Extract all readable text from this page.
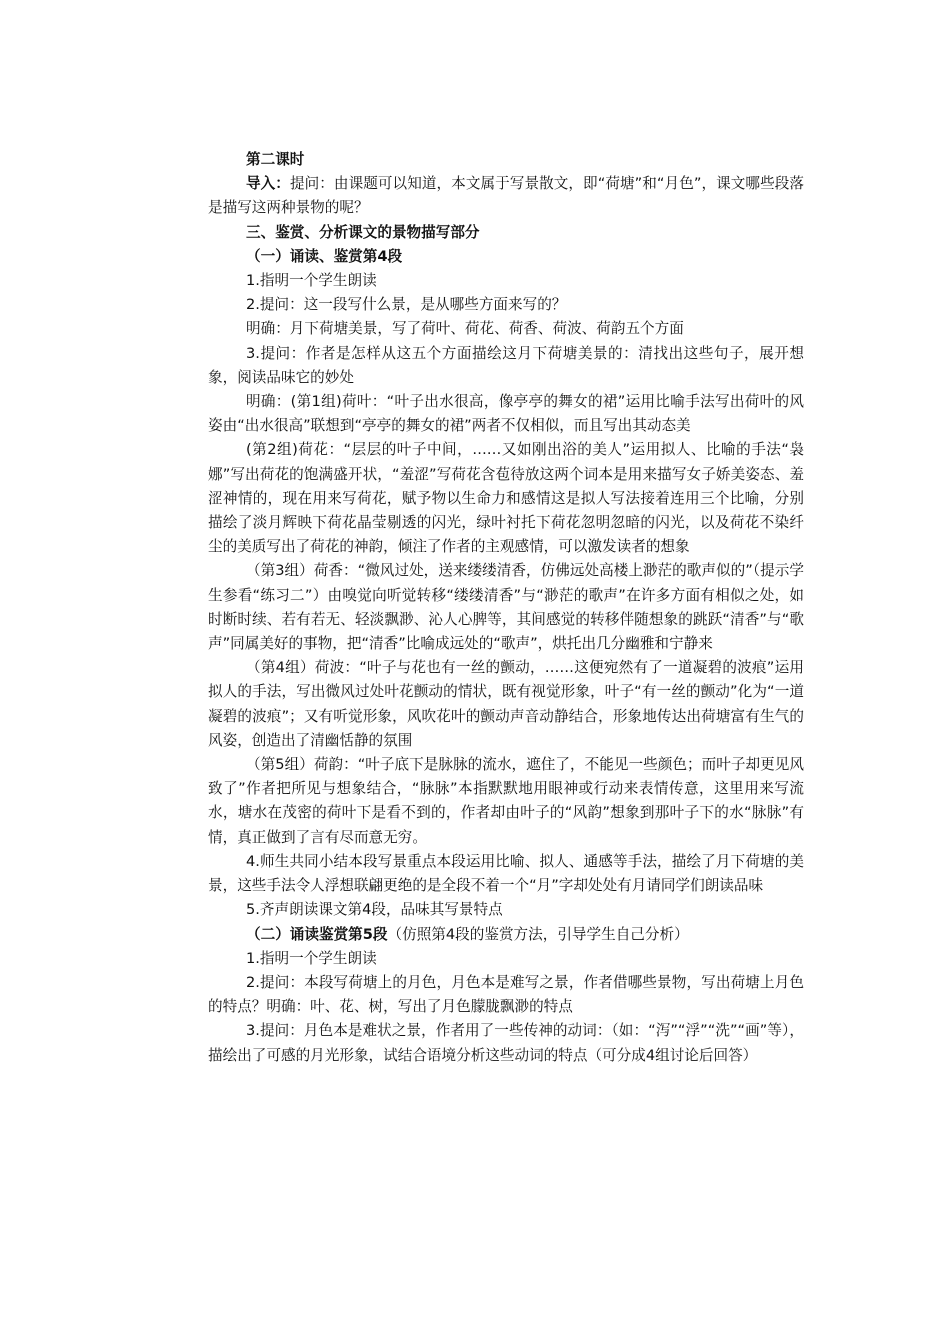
第二课时

导入：提问：由课题可以知道，本文属于写景散文，即“荷塘”和“月色”，课文哪些段落是描写这两种景物的呢？

三、鉴赏、分析课文的景物描写部分

（一）诵读、鉴赏第4段

1.指明一个学生朗读

2.提问：这一段写什么景，是从哪些方面来写的？

明确：月下荷塘美景，写了荷叶、荷花、荷香、荷波、荷韵五个方面

3.提问：作者是怎样从这五个方面描绘这月下荷塘美景的：清找出这些句子，展开想象，阅读品味它的妙处

明确：(第1组)荷叶：“叶子出水很高，像亭亭的舞女的裙”运用比喻手法写出荷叶的风姿由“出水很高”联想到“亭亭的舞女的裙”两者不仅相似，而且写出其动态美

(第2组)荷花：“层层的叶子中间，……又如刚出浴的美人”运用拟人、比喻的手法“袅娜”写出荷花的饱满盛开状，“羞涩”写荷花含苞待放这两个词本是用来描写女子娇美姿态、羞涩神情的，现在用来写荷花，赋予物以生命力和感情这是拟人写法接着连用三个比喻，分别描绘了淡月辉映下荷花晶莹剔透的闪光，绿叶衬托下荷花忽明忽暗的闪光，以及荷花不染纤尘的美质写出了荷花的神韵，倾注了作者的主观感情，可以激发读者的想象

（第3组）荷香：“微风过处，送来缕缕清香，仿佛远处高楼上渺茫的歌声似的”（提示学生参看“练习二”）由嗅觉向听觉转移“缕缕清香”与“渺茫的歌声”在许多方面有相似之处，如时断时续、若有若无、轻淡飘渺、沁人心脾等，其间感觉的转移伴随想象的跳跃“清香”与“歌声”同属美好的事物，把“清香”比喻成远处的“歌声”，烘托出几分幽雅和宁静来

（第4组）荷波：“叶子与花也有一丝的颤动，……这便宛然有了一道凝碧的波痕”运用拟人的手法，写出微风过处叶花颤动的情状，既有视觉形象，叶子“有一丝的颤动”化为“一道凝碧的波痕”；又有听觉形象，风吹花叶的颤动声音动静结合，形象地传达出荷塘富有生气的风姿，创造出了清幽恬静的氛围

（第5组）荷韵：“叶子底下是脉脉的流水，遮住了，不能见一些颜色；而叶子却更见风致了”作者把所见与想象结合，“脉脉”本指默默地用眼神或行动来表情传意，这里用来写流水，塘水在茂密的荷叶下是看不到的，作者却由叶子的“风韵”想象到那叶子下的水“脉脉”有情，真正做到了言有尽而意无穷。

4.师生共同小结本段写景重点本段运用比喻、拟人、通感等手法，描绘了月下荷塘的美景，这些手法令人浮想联翩更绝的是全段不着一个“月”字却处处有月请同学们朗读品味

5.齐声朗读课文第4段，品味其写景特点

（二）诵读鉴赏第5段（仿照第4段的鉴赏方法，引导学生自己分析）

1.指明一个学生朗读

2.提问：本段写荷塘上的月色，月色本是难写之景，作者借哪些景物，写出荷塘上月色的特点？明确：叶、花、树，写出了月色朦胧飘渺的特点

3.提问：月色本是难状之景，作者用了一些传神的动词：（如：“泻”“浮”“洗”“画”等），描绘出了可感的月光形象，试结合语境分析这些动词的特点（可分成4组讨论后回答）
